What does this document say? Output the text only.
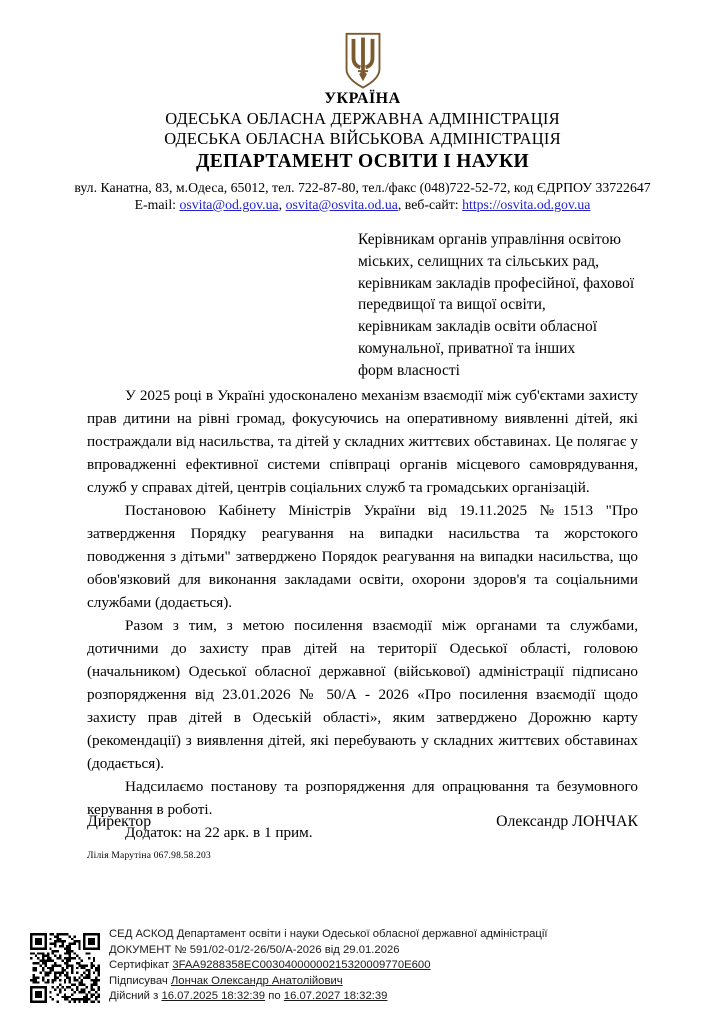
УКРАЇНА
ОДЕСЬКА ОБЛАСНА ДЕРЖАВНА АДМІНІСТРАЦІЯ
ОДЕСЬКА ОБЛАСНА ВІЙСЬКОВА АДМІНІСТРАЦІЯ
ДЕПАРТАМЕНТ ОСВІТИ І НАУКИ
вул. Канатна, 83, м.Одеса, 65012, тел. 722-87-80, тел./факс (048)722-52-72, код ЄДРПОУ 33722647
E-mail: osvita@od.gov.ua, osvita@osvita.od.ua, веб-сайт: https://osvita.od.gov.ua
Керівникам органів управління освітою
міських, селищних та сільських рад,
керівникам закладів професійної, фахової
передвищої та вищої освіти,
керівникам закладів освіти обласної
комунальної, приватної та інших
форм власності

У 2025 році в Україні удосконалено механізм взаємодії між суб'єктами захисту прав дитини на рівні громад, фокусуючись на оперативному виявленні дітей, які постраждали від насильства, та дітей у складних життєвих обставинах. Це полягає у впровадженні ефективної системи співпраці органів місцевого самоврядування, служб у справах дітей, центрів соціальних служб та громадських організацій.

Постановою Кабінету Міністрів України від 19.11.2025 №1513 "Про затвердження Порядку реагування на випадки насильства та жорстокого поводження з дітьми" затверджено Порядок реагування на випадки насильства, що обов'язковий для виконання закладами освіти, охорони здоров'я та соціальними службами (додається).

Разом з тим, з метою посилення взаємодії між органами та службами, дотичними до захисту прав дітей на території Одеської області, головою (начальником) Одеської обласної державної (військової) адміністрації підписано розпорядження від 23.01.2026 № 50/А - 2026 «Про посилення взаємодії щодо захисту прав дітей в Одеській області», яким затверджено Дорожню карту (рекомендації) з виявлення дітей, які перебувають у складних життєвих обставинах (додається).

Надсилаємо постанову та розпорядження для опрацювання та безумовного керування в роботі.

Додаток: на 22 арк. в 1 прим.

Директор	Олександр ЛОНЧАК
Лілія Марутіна 067.98.58.203
СЕД АСКОД Департамент освіти і науки Одеської обласної державної адміністрації
ДОКУМЕНТ № 591/02-01/2-26/50/А-2026 від 29.01.2026
Сертифікат 3FAA9288358EC00304000000215320009770E600
Підписувач Лончак Олександр Анатолійович
Дійсний з 16.07.2025 18:32:39 по 16.07.2027 18:32:39
